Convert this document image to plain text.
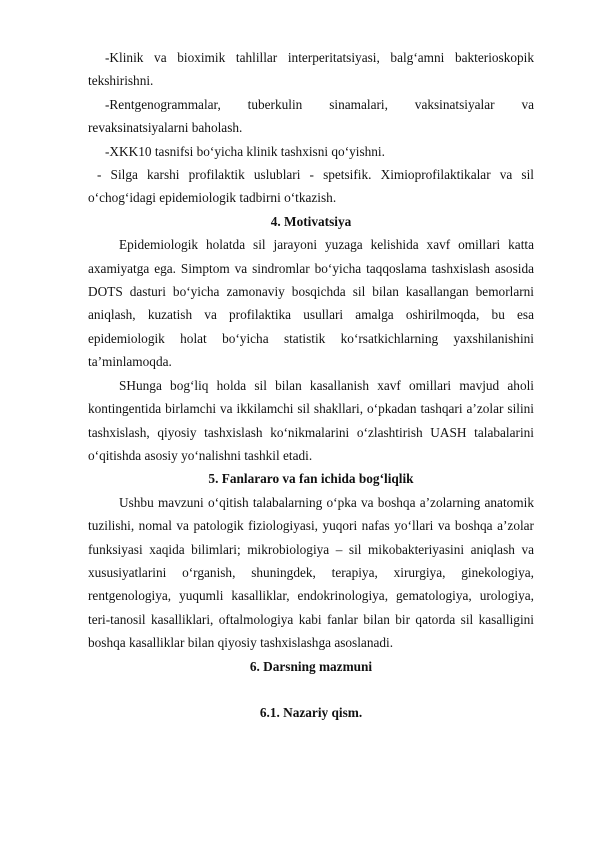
-Klinik va bioximik tahlillar interperitatsiyasi, balg‘amni bakterioskopik tekshirishni.

-Rentgenogrammalar, tuberkulin sinamalari, vaksinatsiyalar va revaksinatsiyalarni baholash.

-XKK10 tasnifsi bo‘yicha klinik tashxisni qo‘yishni.

- Silga karshi profilaktik uslublari - spetsifik. Ximioprofilaktikalar va sil o‘chog‘idagi epidemiologik tadbirni o‘tkazish.

4. Motivatsiya

Epidemiologik holatda sil jarayoni yuzaga kelishida xavf omillari katta axamiyatga ega. Simptom va sindromlar bo‘yicha taqqoslama tashxislash asosida DOTS dasturi bo‘yicha zamonaviy bosqichda sil bilan kasallangan bemorlarni aniqlash, kuzatish va profilaktika usullari amalga oshirilmoqda, bu esa epidemiologik holat bo‘yicha statistik ko‘rsatkichlarning yaxshilanishini ta’minlamoqda.

SHunga bog‘liq holda sil bilan kasallanish xavf omillari mavjud aholi kontingentida birlamchi va ikkilamchi sil shakllari, o‘pkadan tashqari a’zolar silini tashxislash, qiyosiy tashxislash ko‘nikmalarini o‘zlashtirish UASH talabalarini o‘qitishda asosiy yo‘nalishni tashkil etadi.

5. Fanlararo va fan ichida bog‘liqlik

Ushbu mavzuni o‘qitish talabalarning o‘pka va boshqa a’zolarning anatomik tuzilishi, nomal va patologik fiziologiyasi, yuqori nafas yo‘llari va boshqa a’zolar funksiyasi xaqida bilimlari; mikrobiologiya – sil mikobakteriyasini aniqlash va xususiyatlarini o‘rganish, shuningdek, terapiya, xirurgiya, ginekologiya, rentgenologiya, yuqumli kasalliklar, endokrinologiya, gematologiya, urologiya, teri-tanosil kasalliklari, oftalmologiya kabi fanlar bilan bir qatorda sil kasalligini boshqa kasalliklar bilan qiyosiy tashxislashga asoslanadi.

6. Darsning mazmuni
6.1. Nazariy qism.
